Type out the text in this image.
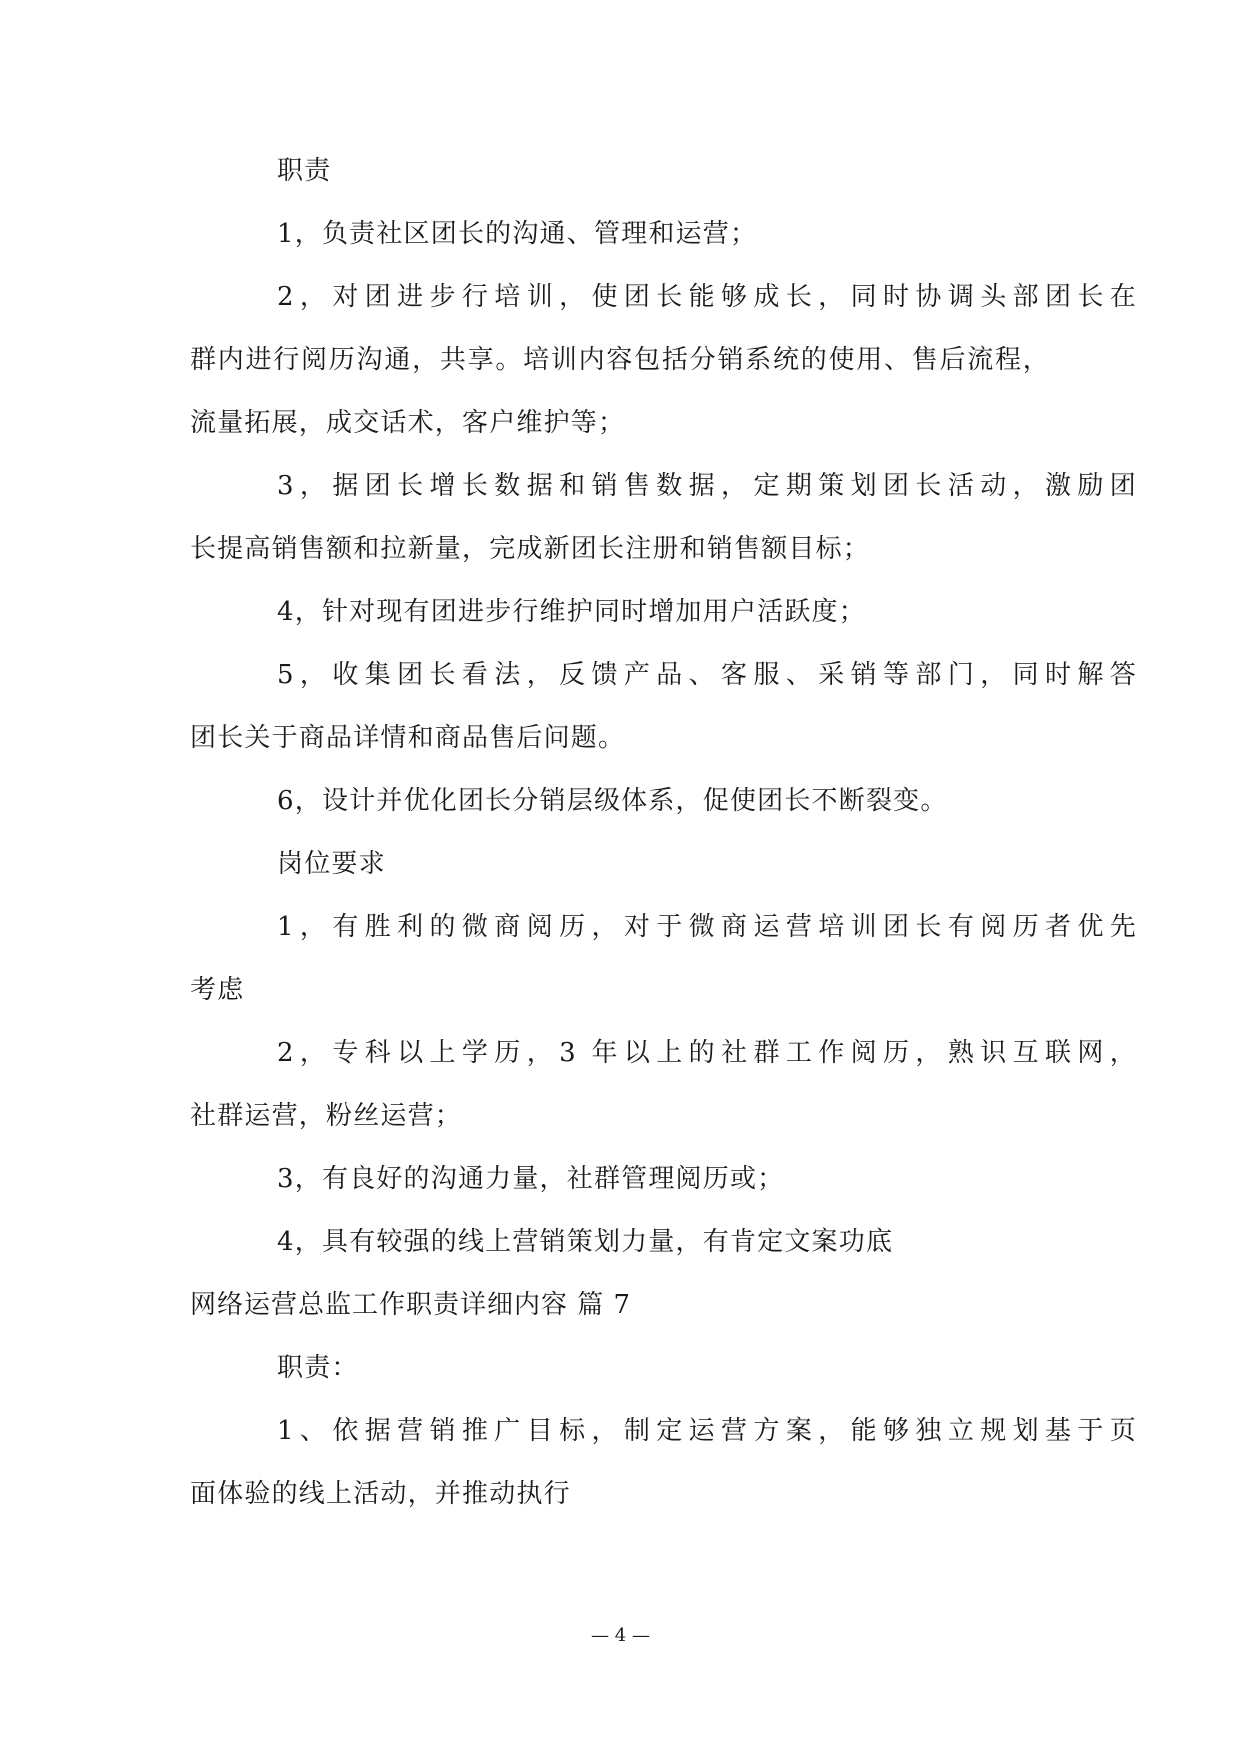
职责
1，负责社区团长的沟通、管理和运营；
2，对团进步行培训，使团长能够成长，同时协调头部团长在
群内进行阅历沟通，共享。培训内容包括分销系统的使用、售后流程，
流量拓展，成交话术，客户维护等；
3，据团长增长数据和销售数据，定期策划团长活动，激励团
长提高销售额和拉新量，完成新团长注册和销售额目标；
4，针对现有团进步行维护同时增加用户活跃度；
5，收集团长看法，反馈产品、客服、采销等部门，同时解答
团长关于商品详情和商品售后问题。
6，设计并优化团长分销层级体系，促使团长不断裂变。
岗位要求
1，有胜利的微商阅历，对于微商运营培训团长有阅历者优先
考虑
2，专科以上学历，3 年以上的社群工作阅历，熟识互联网，
社群运营，粉丝运营；
3，有良好的沟通力量，社群管理阅历或；
4，具有较强的线上营销策划力量，有肯定文案功底
网络运营总监工作职责详细内容 篇 7
职责：
1、依据营销推广目标，制定运营方案，能够独立规划基于页
面体验的线上活动，并推动执行
— 4 —
